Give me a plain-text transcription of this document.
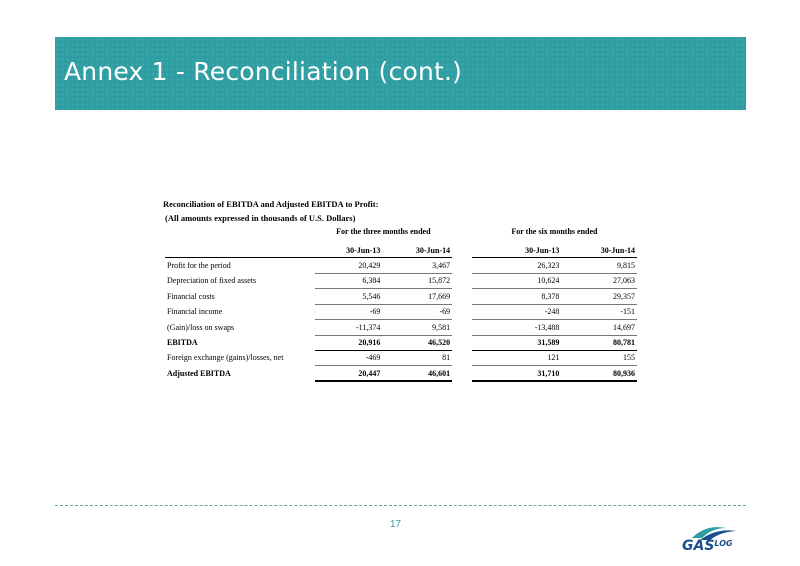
Annex 1 - Reconciliation (cont.)
Reconciliation of EBITDA and Adjusted EBITDA to Profit:
(All amounts expressed in thousands of U.S. Dollars)
	For the three months ended			For the six months ended	
	30-Jun-13	30-Jun-14		30-Jun-13	30-Jun-14
Profit for the period	20,429	3,467		26,323	9,815
Depreciation of fixed assets	6,384	15,872		10,624	27,063
Financial costs	5,546	17,669		8,378	29,357
Financial income	-69	-69		-248	-151
(Gain)/loss on swaps	-11,374	9,581		-13,488	14,697
EBITDA	20,916	46,520		31,589	80,781
Foreign exchange (gains)/losses, net	-469	81		121	155
Adjusted EBITDA	20,447	46,601		31,710	80,936
17
$GAS^{LOG}$
